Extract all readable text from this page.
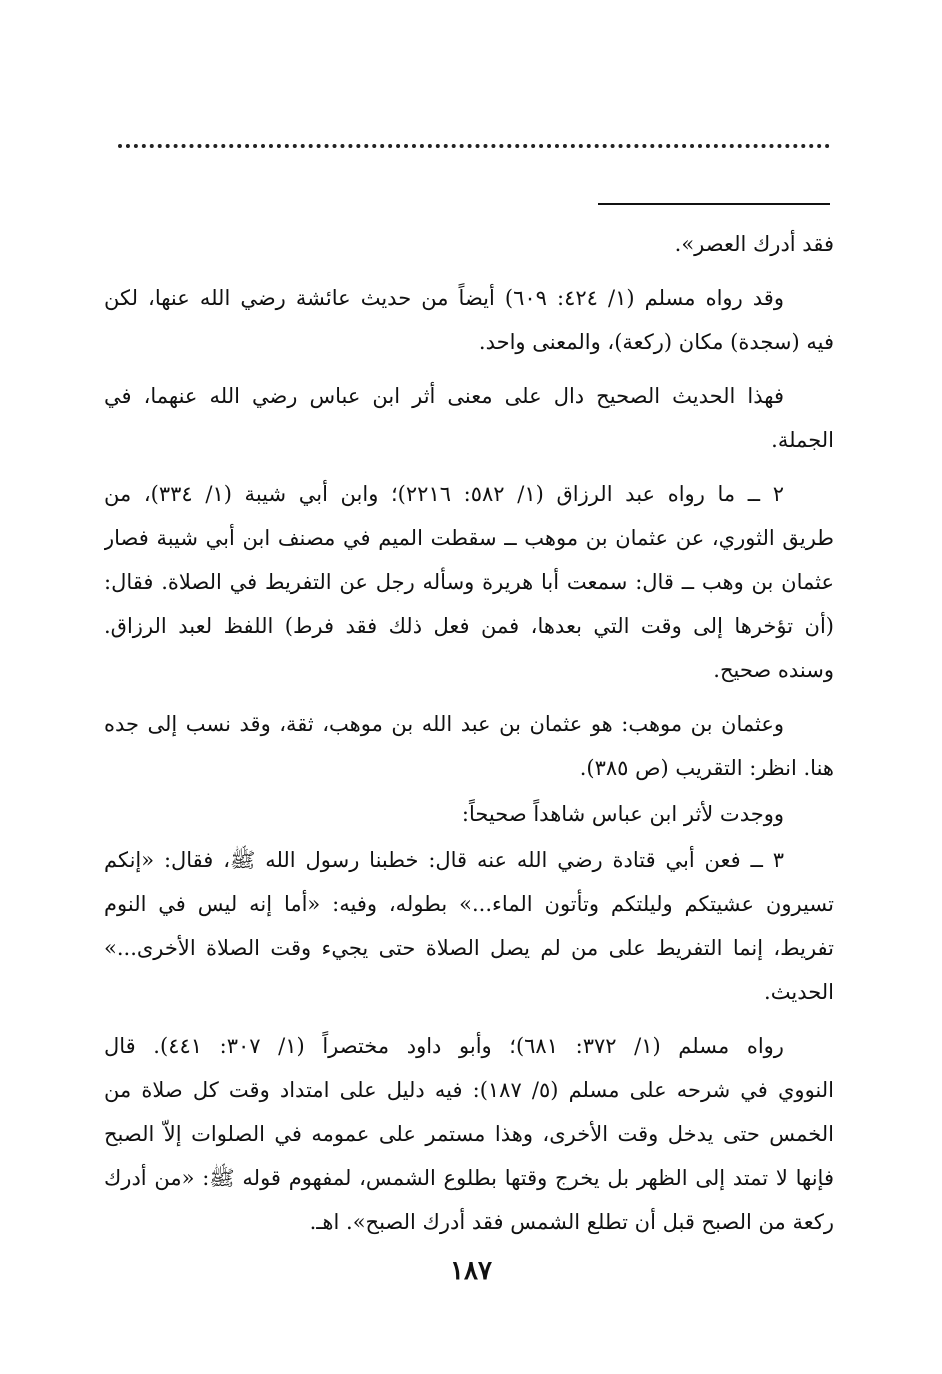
فقد أدرك العصر».
وقد رواه مسلم (١/ ٤٢٤: ٦٠٩) أيضاً من حديث عائشة رضي الله عنها، لكن
فيه (سجدة) مكان (ركعة)، والمعنى واحد.
فهذا الحديث الصحيح دال على معنى أثر ابن عباس رضي الله عنهما، في
الجملة.
٢ ــ ما رواه عبد الرزاق (١/ ٥٨٢: ٢٢١٦)؛ وابن أبي شيبة (١/ ٣٣٤)، من
طريق الثوري، عن عثمان بن موهب ــ سقطت الميم في مصنف ابن أبي شيبة فصار
عثمان بن وهب ــ قال: سمعت أبا هريرة وسأله رجل عن التفريط في الصلاة. فقال:
(أن تؤخرها إلى وقت التي بعدها، فمن فعل ذلك فقد فرط) اللفظ لعبد الرزاق.
وسنده صحيح.
وعثمان بن موهب: هو عثمان بن عبد الله بن موهب، ثقة، وقد نسب إلى جده
هنا. انظر: التقريب (ص ٣٨٥).
ووجدت لأثر ابن عباس شاهداً صحيحاً:
٣ ــ فعن أبي قتادة رضي الله عنه قال: خطبنا رسول الله ﷺ، فقال: «إنكم
تسيرون عشيتكم وليلتكم وتأتون الماء...» بطوله، وفيه: «أما إنه ليس في النوم
تفريط، إنما التفريط على من لم يصل الصلاة حتى يجيء وقت الصلاة الأخرى...»
الحديث.
رواه مسلم (١/ ٣٧٢: ٦٨١)؛ وأبو داود مختصراً (١/ ٣٠٧: ٤٤١). قال
النووي في شرحه على مسلم (٥/ ١٨٧): فيه دليل على امتداد وقت كل صلاة من
الخمس حتى يدخل وقت الأخرى، وهذا مستمر على عمومه في الصلوات إلاّ الصبح
فإنها لا تمتد إلى الظهر بل يخرج وقتها بطلوع الشمس، لمفهوم قوله ﷺ: «من أدرك
ركعة من الصبح قبل أن تطلع الشمس فقد أدرك الصبح». اهـ.
١٨٧
